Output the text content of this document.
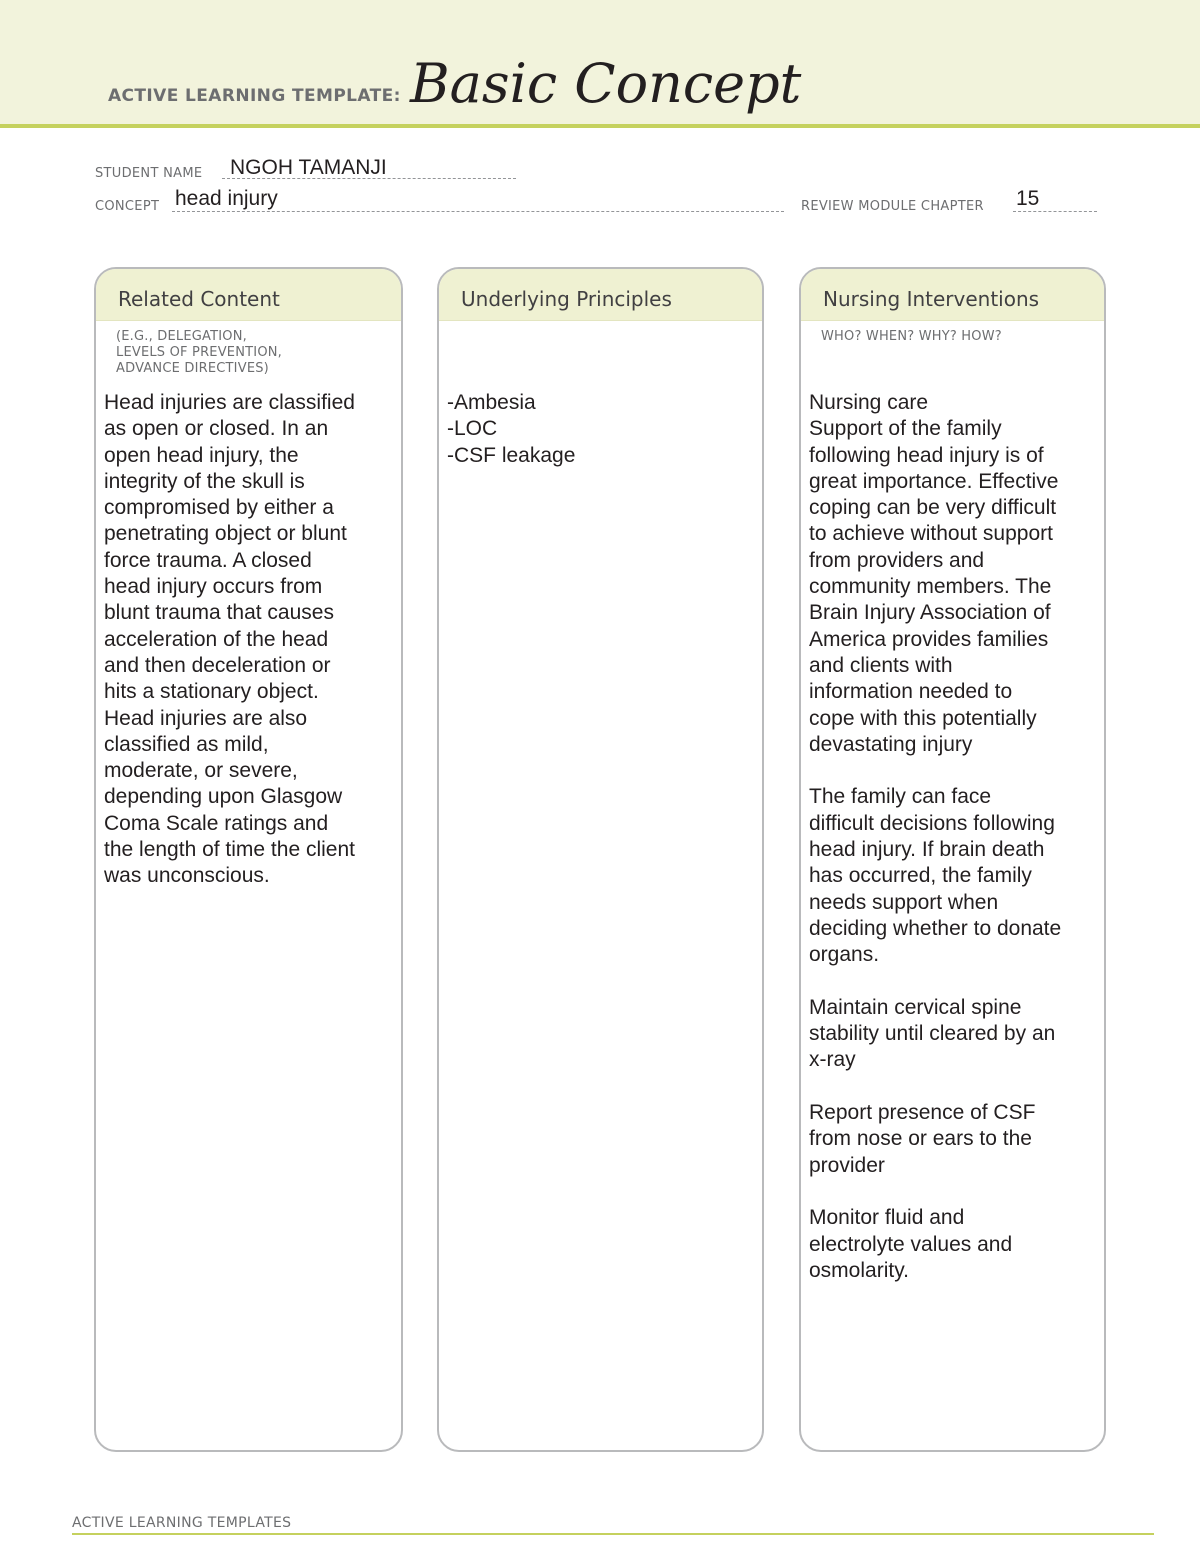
ACTIVE LEARNING TEMPLATE: Basic Concept
STUDENT NAME NGOH TAMANJI
CONCEPT head injury	REVIEW MODULE CHAPTER 15
Related Content
(E.G., DELEGATION,
LEVELS OF PREVENTION,
ADVANCE DIRECTIVES)
Head injuries are classified
as open or closed. In an
open head injury, the
integrity of the skull is
compromised by either a
penetrating object or blunt
force trauma. A closed
head injury occurs from
blunt trauma that causes
acceleration of the head
and then deceleration or
hits a stationary object.
Head injuries are also
classified as mild,
moderate, or severe,
depending upon Glasgow
Coma Scale ratings and
the length of time the client
was unconscious.
Underlying Principles
-Ambesia
-LOC
-CSF leakage
Nursing Interventions
WHO? WHEN? WHY? HOW?
Nursing care
Support of the family
following head injury is of
great importance. Effective
coping can be very difficult
to achieve without support
from providers and
community members. The
Brain Injury Association of
America provides families
and clients with
information needed to
cope with this potentially
devastating injury

The family can face
difficult decisions following
head injury. If brain death
has occurred, the family
needs support when
deciding whether to donate
organs.

Maintain cervical spine
stability until cleared by an
x-ray

Report presence of CSF
from nose or ears to the
provider

Monitor fluid and
electrolyte values and
osmolarity.
ACTIVE LEARNING TEMPLATES
